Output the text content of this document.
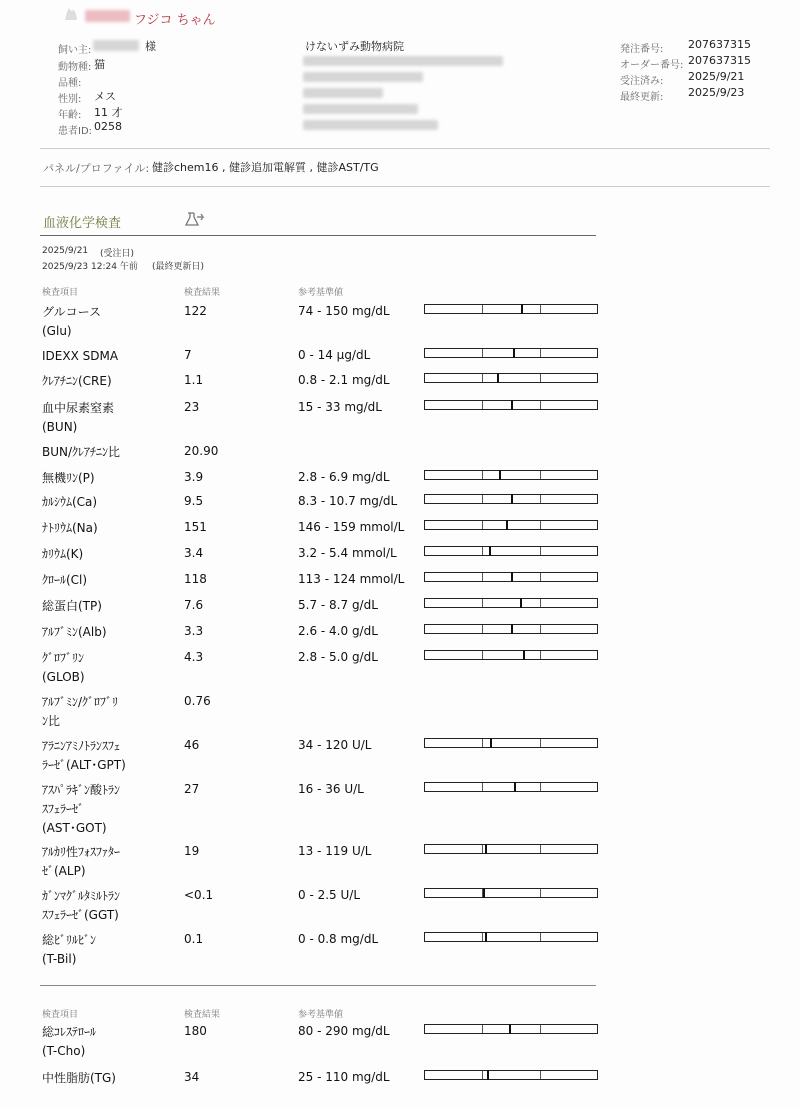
フジコ ちゃん
飼い主:	様
動物種: 猫
品種:
性別: メス
年齢: 11 才
患者ID: 0258
けないずみ動物病院	発注番号: 207637315
オーダー番号: 207637315
受注済み: 2025/9/21
最終更新: 2025/9/23
パネル/プロファイル: 健診chem16 , 健診追加電解質 , 健診AST/TG
血液化学検査
2025/9/21 (受注日)
2025/9/23 12:24 午前 (最終更新日)
検査項目	検査結果	参考基準値
グルコース
(Glu)
122	74 - 150 mg/dL
IDEXX SDMA	7	0 - 14 µg/dL
ｸﾚｱﾁﾆﾝ(CRE)	1.1	0.8 - 2.1 mg/dL
血中尿素窒素
(BUN)
23	15 - 33 mg/dL
BUN/ｸﾚｱﾁﾆﾝ比	20.90
無機ﾘﾝ(P)	3.9	2.8 - 6.9 mg/dL
ｶﾙｼｳﾑ(Ca)	9.5	8.3 - 10.7 mg/dL
ﾅﾄﾘｳﾑ(Na)	151	146 - 159 mmol/L
ｶﾘｳﾑ(K)	3.4	3.2 - 5.4 mmol/L
ｸﾛｰﾙ(Cl)	118	113 - 124 mmol/L
総蛋白(TP)	7.6	5.7 - 8.7 g/dL
ｱﾙﾌﾞﾐﾝ(Alb)	3.3	2.6 - 4.0 g/dL
ｸﾞﾛﾌﾞﾘﾝ
(GLOB)
4.3	2.8 - 5.0 g/dL
ｱﾙﾌﾞﾐﾝ/ｸﾞﾛﾌﾞﾘ
ﾝ比
0.76
ｱﾗﾆﾝｱﾐﾉﾄﾗﾝｽﾌｪ
ﾗｰｾﾞ(ALT･GPT)
46	34 - 120 U/L
ｱｽﾊﾟﾗｷﾞﾝ酸ﾄﾗﾝ
ｽﾌｪﾗｰｾﾞ
(AST･GOT)
27	16 - 36 U/L
ｱﾙｶﾘ性ﾌｫｽﾌｧﾀｰ
ｾﾞ(ALP)
19	13 - 119 U/L
ｶﾞﾝﾏｸﾞﾙﾀﾐﾙﾄﾗﾝ
ｽﾌｪﾗｰｾﾞ(GGT)
<0.1	0 - 2.5 U/L
総ﾋﾞﾘﾙﾋﾞﾝ
(T-Bil)
0.1	0 - 0.8 mg/dL
検査項目	検査結果	参考基準値
総ｺﾚｽﾃﾛｰﾙ
(T-Cho)
180	80 - 290 mg/dL
中性脂肪(TG)	34	25 - 110 mg/dL
